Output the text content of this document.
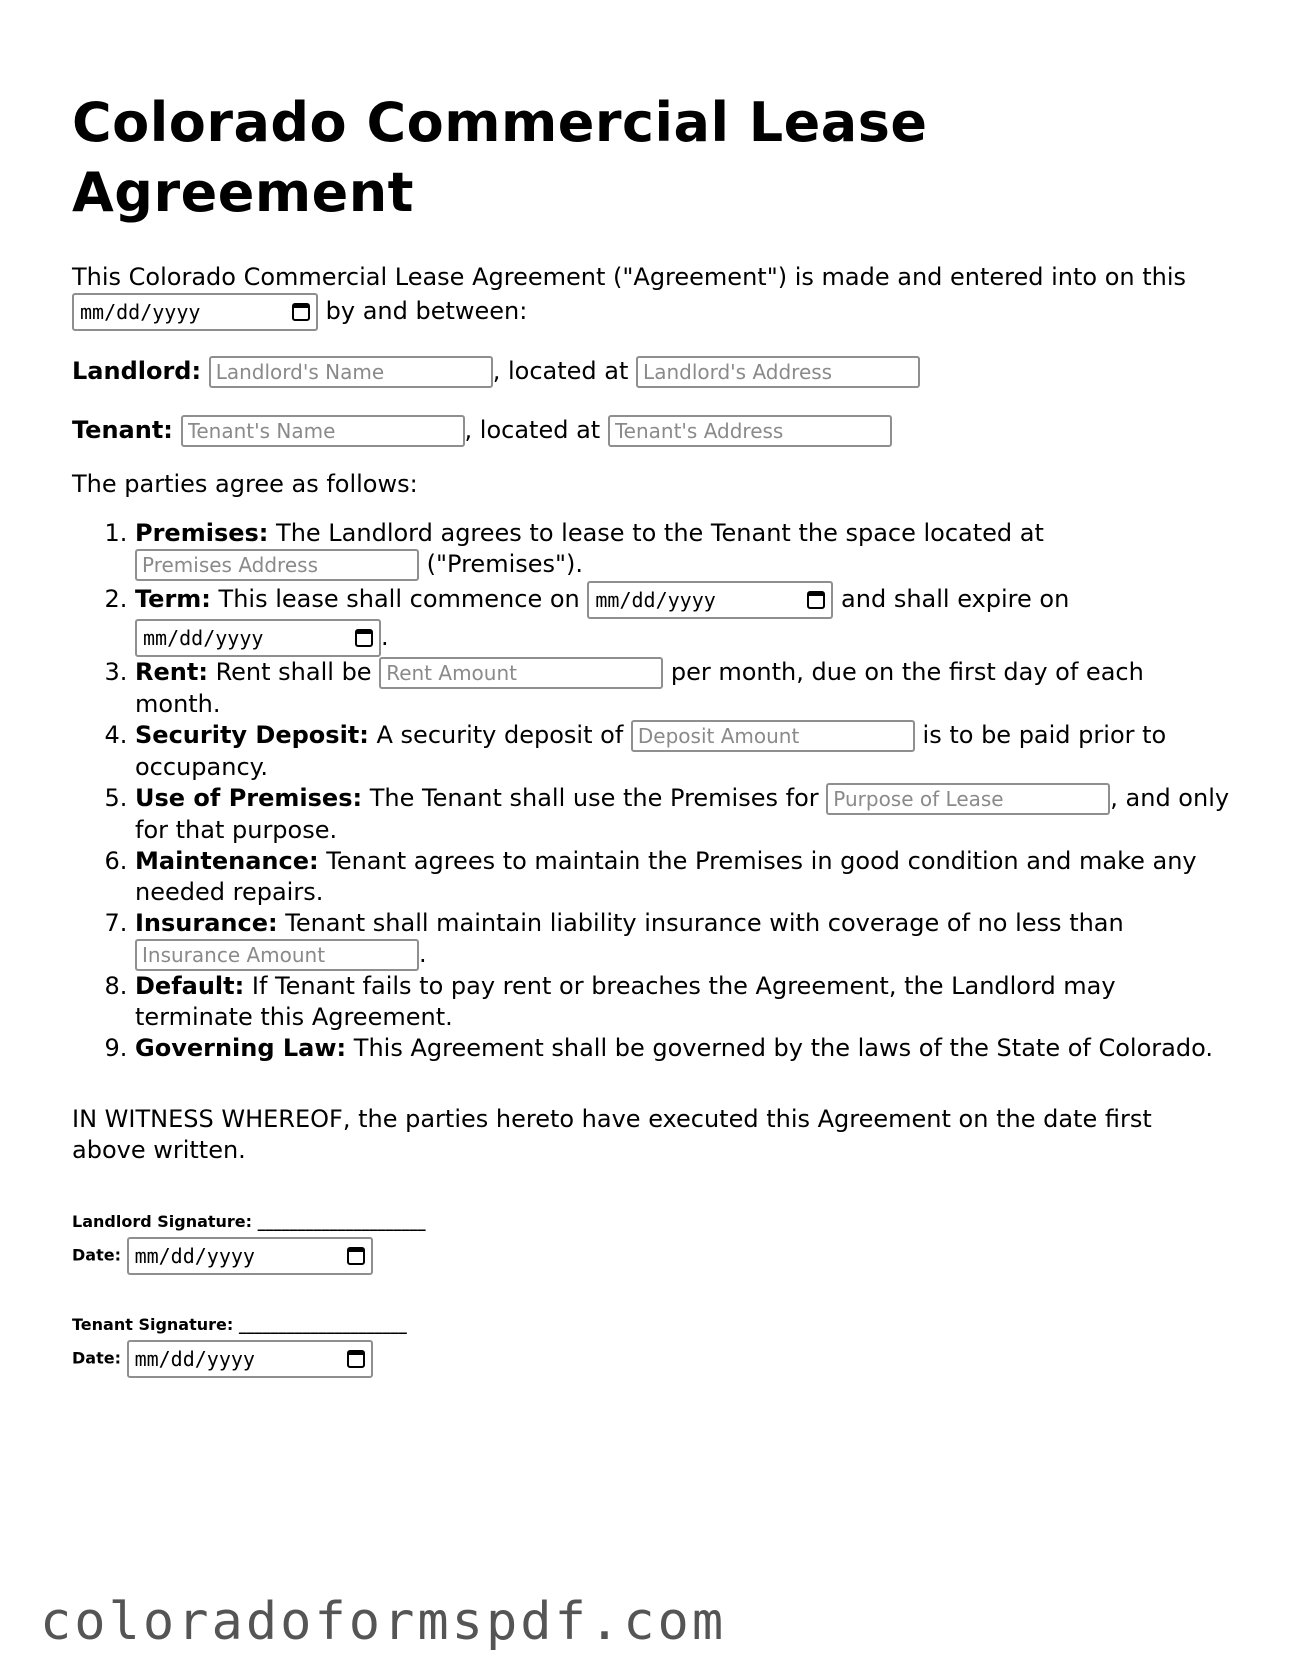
Colorado Commercial Lease Agreement

This Colorado Commercial Lease Agreement ("Agreement") is made and entered into on this
mm/dd/yyyy	by and between:

Landlord: Landlord's Name	, located at Landlord's Address

Tenant: Tenant's Name	, located at Tenant's Address

The parties agree as follows:

1. Premises: The Landlord agrees to lease to the Tenant the space located at Premises Address ("Premises").
2. Term: This lease shall commence on mm/dd/yyyy	and shall expire on
mm/dd/yyyy	.
3. Rent: Rent shall be Rent Amount	per month, due on the first day of each month.
4. Security Deposit: A security deposit of Deposit Amount	is to be paid prior to occupancy.
5. Use of Premises: The Tenant shall use the Premises for Purpose of Lease	, and only for that purpose.
6. Maintenance: Tenant agrees to maintain the Premises in good condition and make any needed repairs.
7. Insurance: Tenant shall maintain liability insurance with coverage of no less than Insurance Amount.
8. Default: If Tenant fails to pay rent or breaches the Agreement, the Landlord may terminate this Agreement.
9. Governing Law: This Agreement shall be governed by the laws of the State of Colorado.

IN WITNESS WHEREOF, the parties hereto have executed this Agreement on the date first above written.

Landlord Signature: _____________________
Date: mm/dd/yyyy
Tenant Signature: _____________________
Date: mm/dd/yyyy
coloradoformspdf.com
